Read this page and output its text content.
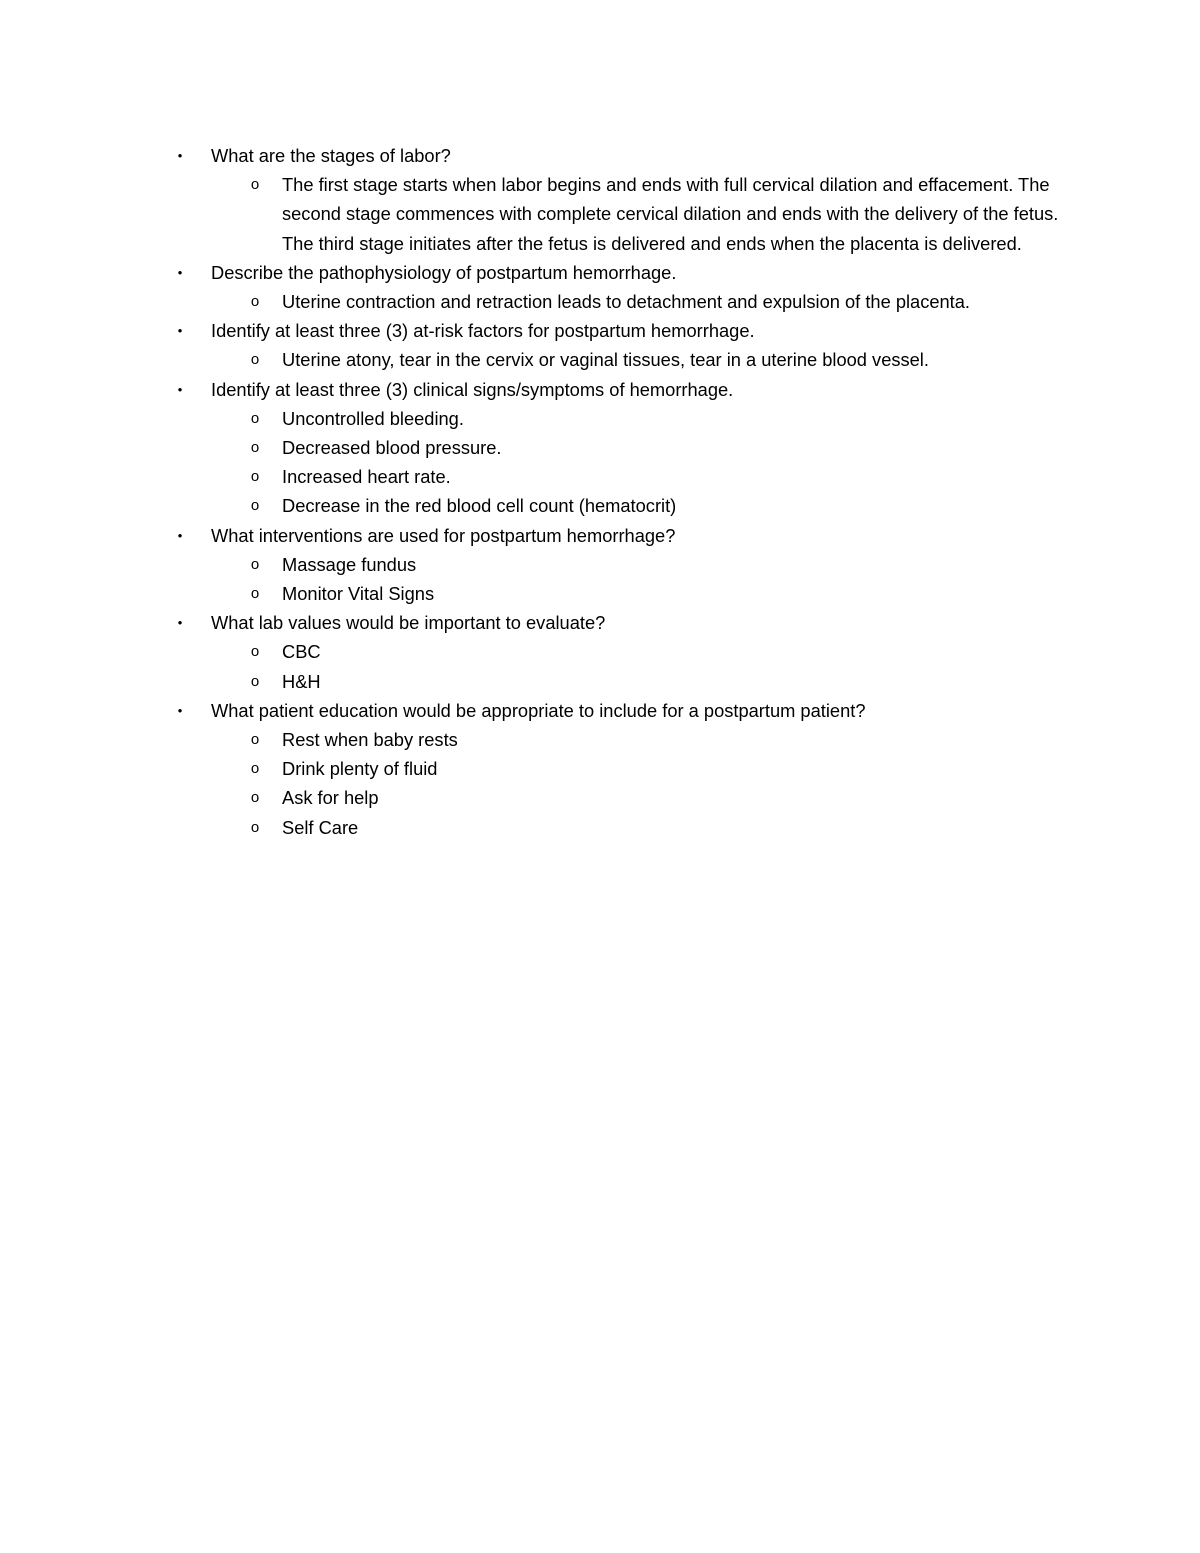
• What are the stages of labor?
o The first stage starts when labor begins and ends with full cervical dilation and effacement. The second stage commences with complete cervical dilation and ends with the delivery of the fetus. The third stage initiates after the fetus is delivered and ends when the placenta is delivered.
• Describe the pathophysiology of postpartum hemorrhage.
o Uterine contraction and retraction leads to detachment and expulsion of the placenta.
• Identify at least three (3) at-risk factors for postpartum hemorrhage.
o Uterine atony, tear in the cervix or vaginal tissues, tear in a uterine blood vessel.
• Identify at least three (3) clinical signs/symptoms of hemorrhage.
o Uncontrolled bleeding.
o Decreased blood pressure.
o Increased heart rate.
o Decrease in the red blood cell count (hematocrit)
• What interventions are used for postpartum hemorrhage?
o Massage fundus
o Monitor Vital Signs
• What lab values would be important to evaluate?
o CBC
o H&H
• What patient education would be appropriate to include for a postpartum patient?
o Rest when baby rests
o Drink plenty of fluid
o Ask for help
o Self Care
